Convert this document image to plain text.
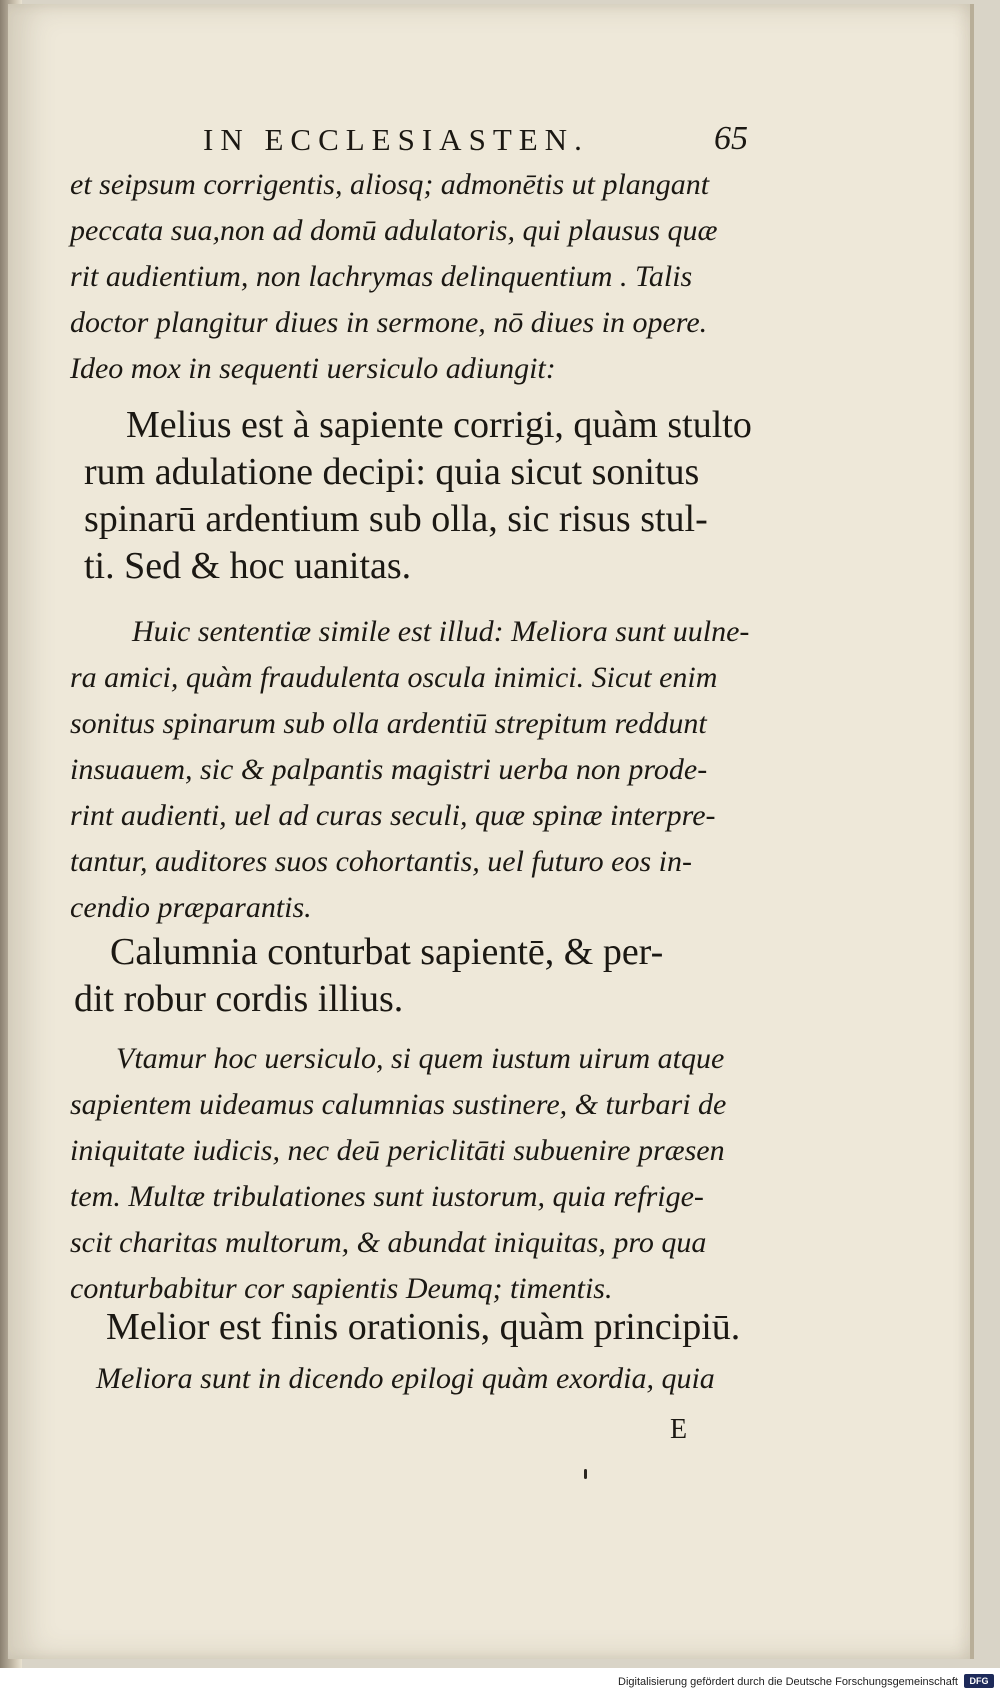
IN ECCLESIASTEN.	65
et seipsum corrigentis, aliosq; admonētis ut plangant
peccata sua,non ad domū adulatoris, qui plausus quæ
rit audientium, non lachrymas delinquentium . Talis
doctor plangitur diues in sermone, nō diues in opere.
Ideo mox in sequenti uersiculo adiungit:
Melius est à sapiente corrigi, quàm stulto
rum adulatione decipi: quia sicut sonitus
spinarū ardentium sub olla, sic risus stul-
ti. Sed & hoc uanitas.
Huic sententiæ simile est illud: Meliora sunt uulne-
ra amici, quàm fraudulenta oscula inimici. Sicut enim
sonitus spinarum sub olla ardentiū strepitum reddunt
insuauem, sic & palpantis magistri uerba non prode-
rint audienti, uel ad curas seculi, quæ spinæ interpre-
tantur, auditores suos cohortantis, uel futuro eos in-
cendio præparantis.
Calumnia conturbat sapientē, & per-
dit robur cordis illius.
Vtamur hoc uersiculo, si quem iustum uirum atque
sapientem uideamus calumnias sustinere, & turbari de
iniquitate iudicis, nec deū periclitāti subuenire præsen
tem. Multæ tribulationes sunt iustorum, quia refrige-
scit charitas multorum, & abundat iniquitas, pro qua
conturbabitur cor sapientis Deumq; timentis.
Melior est finis orationis, quàm principiū.
Meliora sunt in dicendo epilogi quàm exordia, quia
E
Digitalisierung gefördert durch die Deutsche Forschungsgemeinschaft	DFG
